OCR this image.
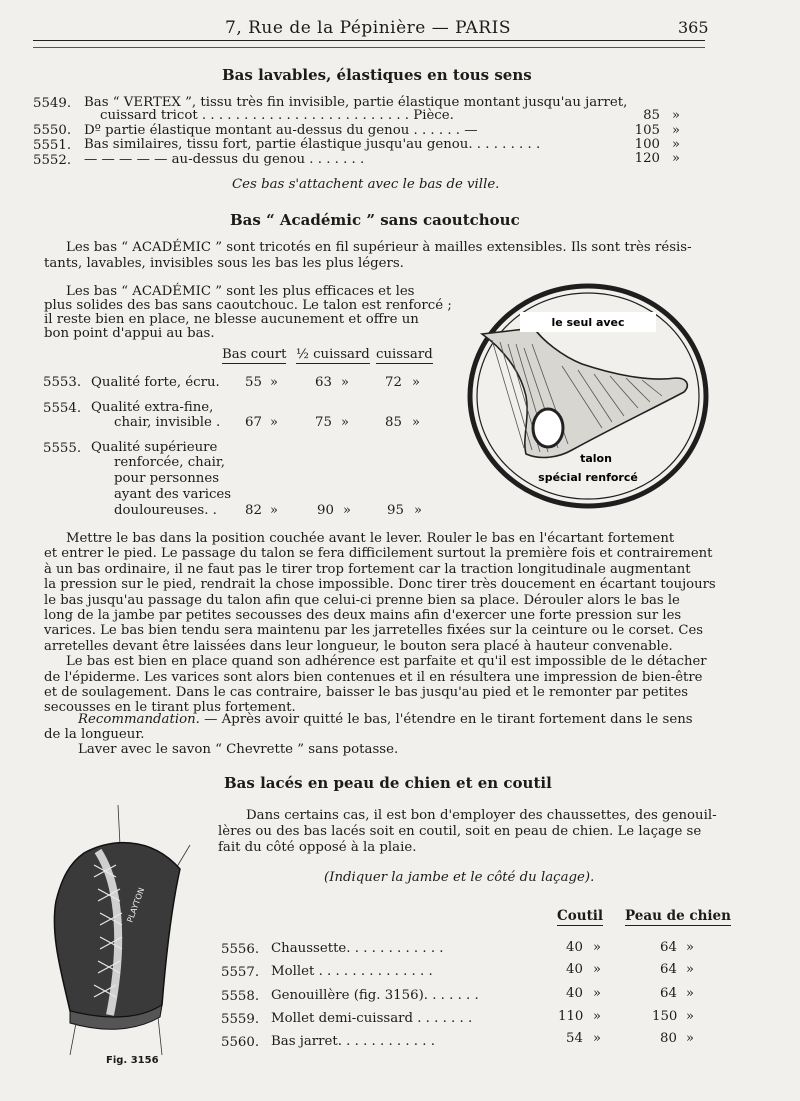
7, Rue de la Pépinière — PARIS	365
Bas lavables, élastiques en tous sens
5549. Bas “ VERTEX ”, tissu très fin invisible, partie élastique montant jusqu'au jarret,
cuissard tricot . . . . . . . . . . . . . . . . . . . . . . . . . Pièce.	85 »
5550. Dº partie élastique montant au-dessus du genou . . . . . . —	105 »
5551. Bas similaires, tissu fort, partie élastique jusqu'au genou. . . . . . . . .	100 »
5552. — — — — — au-dessus du genou . . . . . . .	120 »
Ces bas s'attachent avec le bas de ville.
Bas “ Académic ” sans caoutchouc
Les bas “ ACADÉMIC ” sont tricotés en fil supérieur à mailles extensibles. Ils sont très résis-
tants, lavables, invisibles sous les bas les plus légers.
Les bas “ ACADÉMIC ” sont les plus efficaces et les
plus solides des bas sans caoutchouc. Le talon est renforcé ;
il reste bien en place, ne blesse aucunement et offre un
bon point d'appui au bas.
Bas court ½ cuissard cuissard
5553. Qualité forte, écru. 55 »	63 »	72 »
5554. Qualité extra-fine,
chair, invisible . 67 »	75 »	85 »
5555. Qualité supérieure
renforcée, chair,
pour personnes
ayant des varices
douloureuses. . 82 »	90 »	95 »
le seul avec
talon
spécial renforcé
Mettre le bas dans la position couchée avant le lever. Rouler le bas en l'écartant fortement
et entrer le pied. Le passage du talon se fera difficilement surtout la première fois et contrairement
à un bas ordinaire, il ne faut pas le tirer trop fortement car la traction longitudinale augmentant
la pression sur le pied, rendrait la chose impossible. Donc tirer très doucement en écartant toujours
le bas jusqu'au passage du talon afin que celui-ci prenne bien sa place. Dérouler alors le bas le
long de la jambe par petites secousses des deux mains afin d'exercer une forte pression sur les
varices. Le bas bien tendu sera maintenu par les jarretelles fixées sur la ceinture ou le corset. Ces
arretelles devant être laissées dans leur longueur, le bouton sera placé à hauteur convenable.
Le bas est bien en place quand son adhérence est parfaite et qu'il est impossible de le détacher
de l'épiderme. Les varices sont alors bien contenues et il en résultera une impression de bien-être
et de soulagement. Dans le cas contraire, baisser le bas jusqu'au pied et le remonter par petites
secousses en le tirant plus fortement.
Recommandation. — Après avoir quitté le bas, l'étendre en le tirant fortement dans le sens
de la longueur.
Laver avec le savon “ Chevrette ” sans potasse.
Bas lacés en peau de chien et en coutil
Dans certains cas, il est bon d'employer des chaussettes, des genouil-
lères ou des bas lacés soit en coutil, soit en peau de chien. Le laçage se
fait du côté opposé à la plaie.
(Indiquer la jambe et le côté du laçage).
Coutil Peau de chien
5556. Chaussette. . . . . . . . . . . .	40 »	64 »
5557. Mollet . . . . . . . . . . . . . .	40 »	64 »
5558. Genouillère (fig. 3156). . . . . . .	40 »	64 »
5559. Mollet demi-cuissard . . . . . . .	110 »	150 »
5560. Bas jarret. . . . . . . . . . . .	54 »	80 »
PLAYTON
Fig. 3156
